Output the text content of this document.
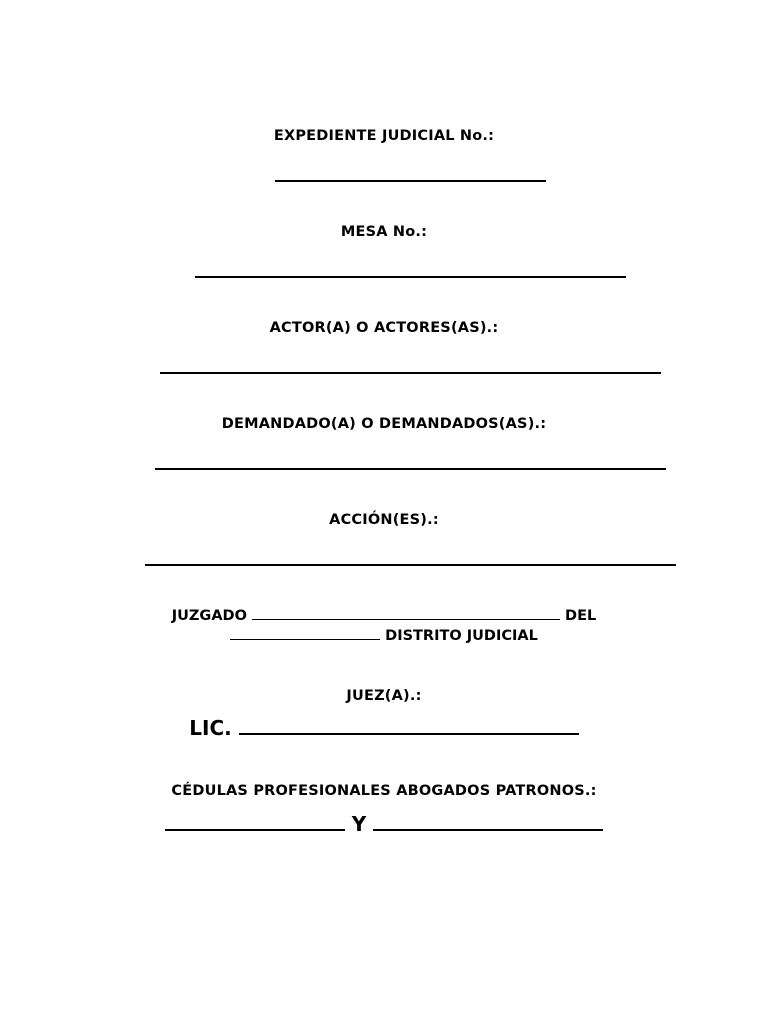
EXPEDIENTE JUDICIAL No.:
MESA No.:
ACTOR(A) O ACTORES(AS).:
DEMANDADO(A) O DEMANDADOS(AS).:
ACCIÓN(ES).:
JUZGADO	DEL
DISTRITO JUDICIAL
JUEZ(A).:
LIC.
CÉDULAS PROFESIONALES ABOGADOS PATRONOS.:
Y
